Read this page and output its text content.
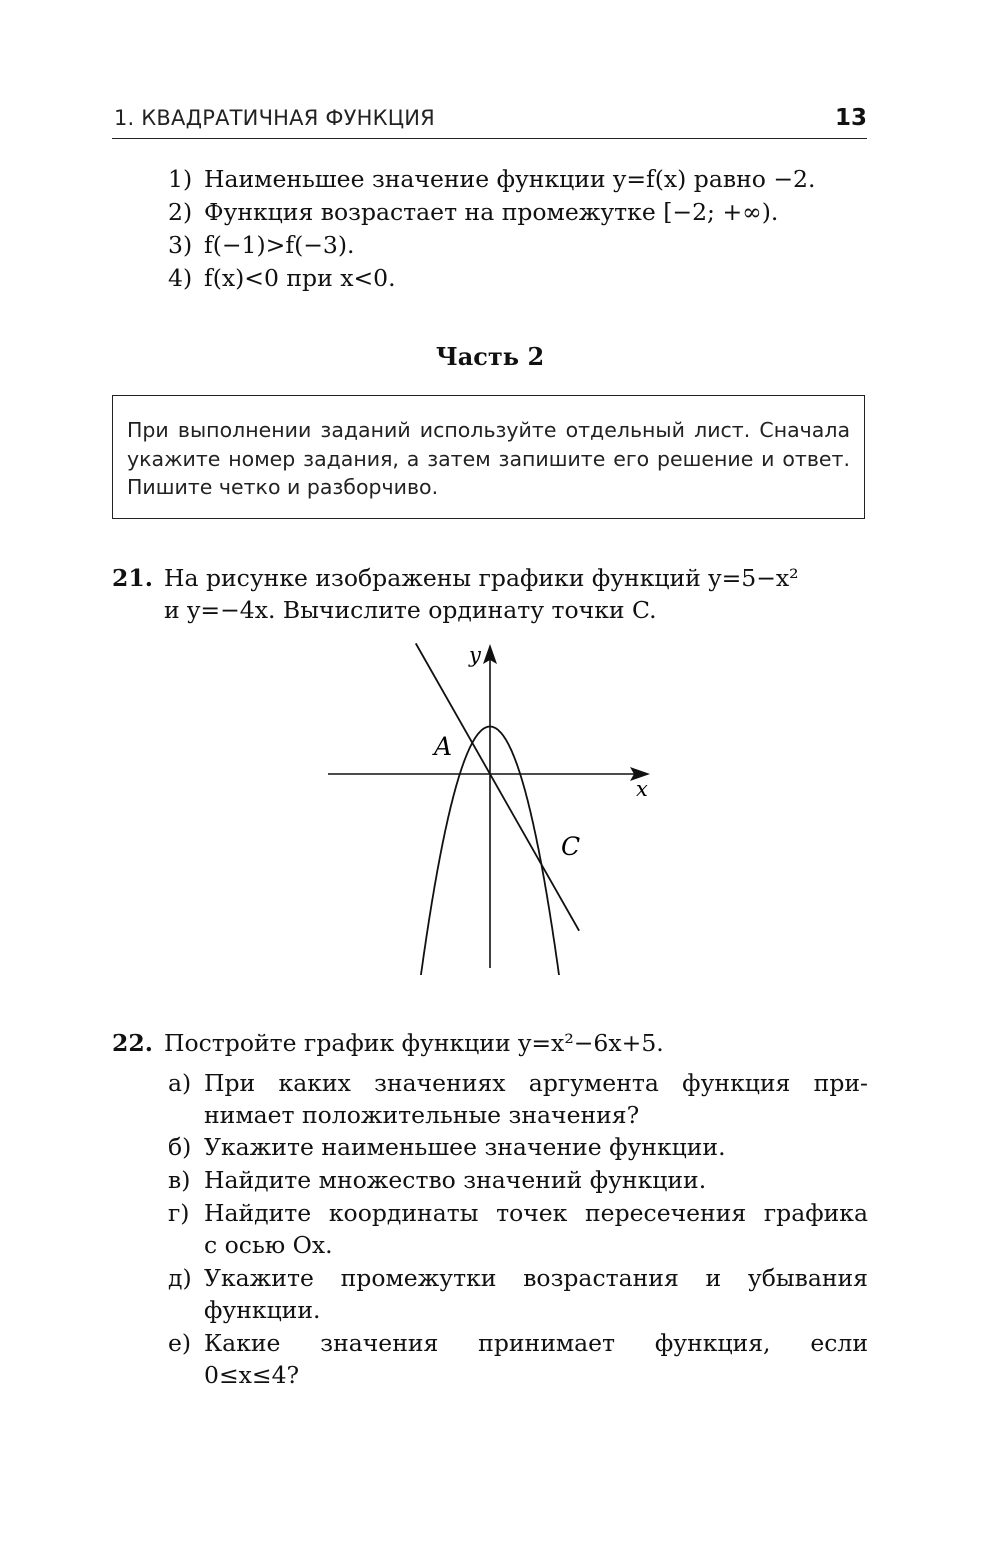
1. КВАДРАТИЧНАЯ ФУНКЦИЯ	13
1) Наименьшее значение функции y=f(x) равно −2.
2) Функция возрастает на промежутке [−2; +∞).
3) f(−1)>f(−3).
4) f(x)<0 при x<0.
Часть 2

При выполнении заданий используйте отдельный лист. Сначала укажите номер задания, а затем запишите его решение и ответ. Пишите четко и разборчиво.

21. На рисунке изображены графики функций y=5−x²
и y=−4x. Вычислите ординату точки C.
y
x
A
C
22. Постройте график функции y=x²−6x+5.
а) При каких значениях аргумента функция при-
нимает положительные значения?
б) Укажите наименьшее значение функции.
в) Найдите множество значений функции.
г) Найдите координаты точек пересечения графика
с осью Ox.
д) Укажите промежутки возрастания и убывания
функции.
е) Какие значения принимает функция, если
0≤x≤4?
